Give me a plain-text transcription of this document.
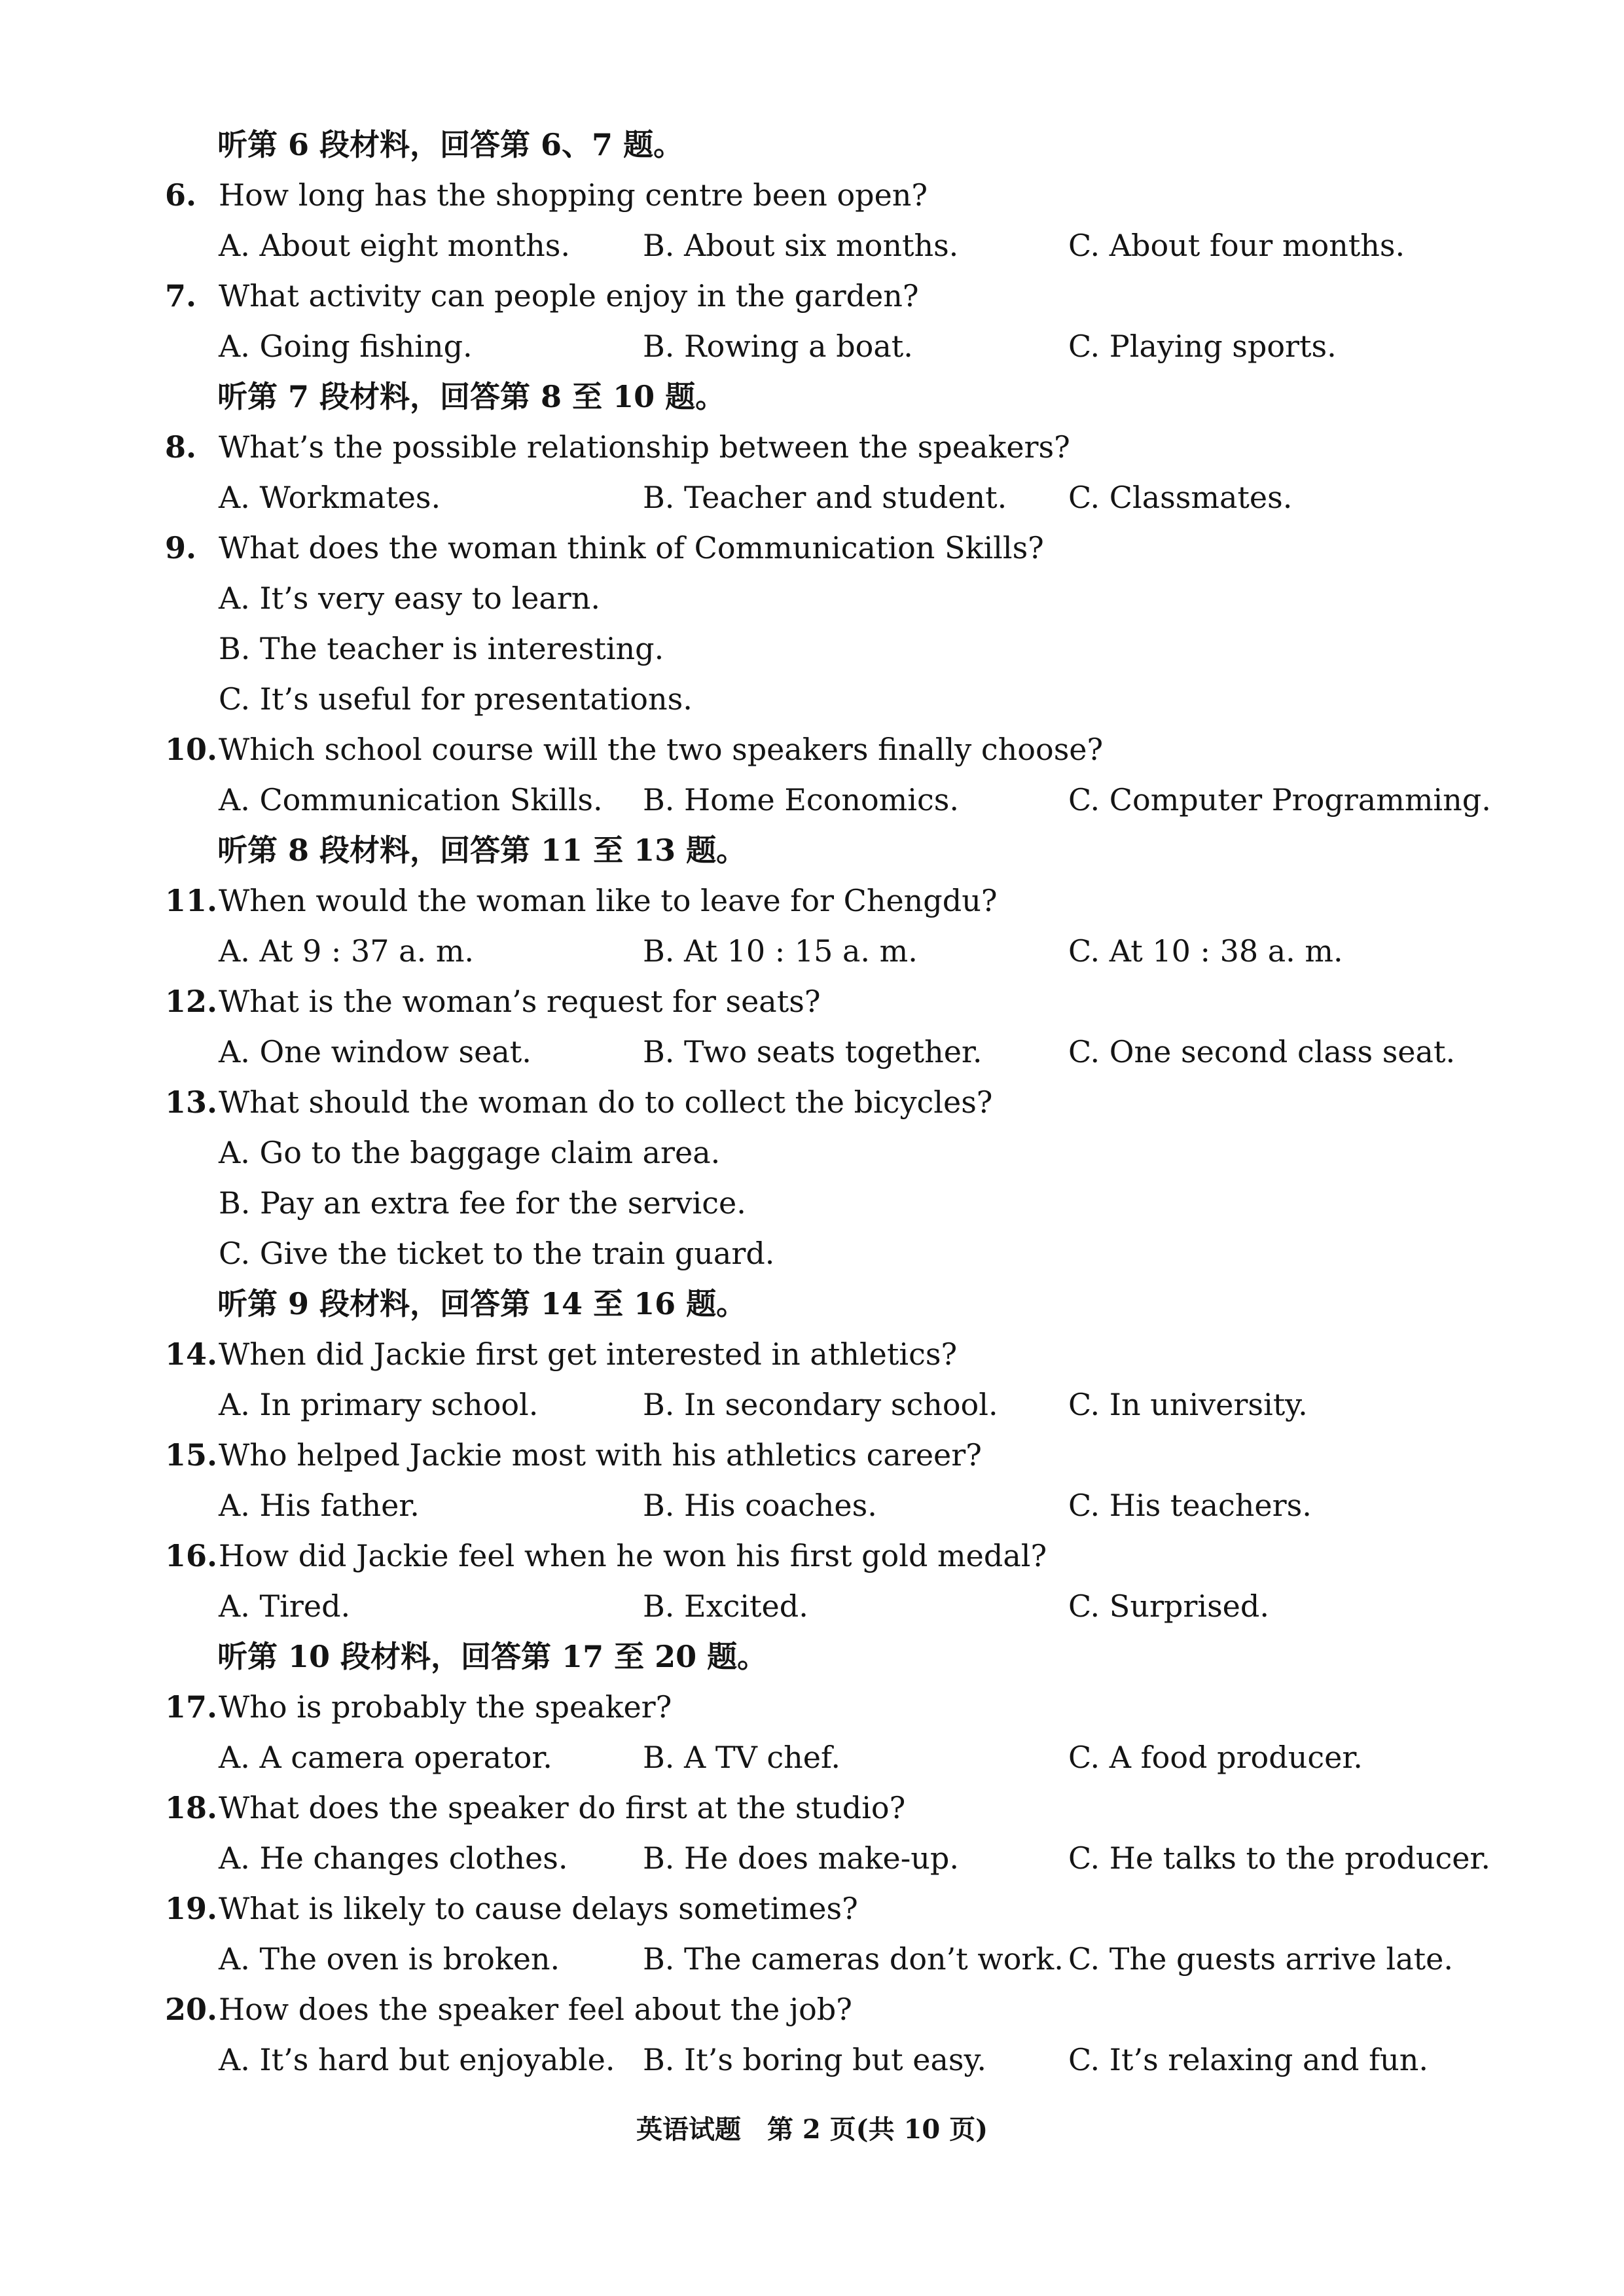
听第 6 段材料，回答第 6、7 题。
6. How long has the shopping centre been open?
A. About eight months. B. About six months.	C. About four months.
7. What activity can people enjoy in the garden?
A. Going fishing.	B. Rowing a boat.	C. Playing sports.
听第 7 段材料，回答第 8 至 10 题。
8. What’s the possible relationship between the speakers?
A. Workmates.	B. Teacher and student. C. Classmates.
9. What does the woman think of Communication Skills?
A. It’s very easy to learn.
B. The teacher is interesting.
C. It’s useful for presentations.
10. Which school course will the two speakers finally choose?
A. Communication Skills. B. Home Economics.	C. Computer Programming.
听第 8 段材料，回答第 11 至 13 题。
11. When would the woman like to leave for Chengdu?
A. At 9 : 37 a. m.	B. At 10 : 15 a. m.	C. At 10 : 38 a. m.
12. What is the woman’s request for seats?
A. One window seat.	B. Two seats together.	C. One second class seat.
13. What should the woman do to collect the bicycles?
A. Go to the baggage claim area.
B. Pay an extra fee for the service.
C. Give the ticket to the train guard.
听第 9 段材料，回答第 14 至 16 题。
14. When did Jackie first get interested in athletics?
A. In primary school.	B. In secondary school. C. In university.
15. Who helped Jackie most with his athletics career?
A. His father.	B. His coaches.	C. His teachers.
16. How did Jackie feel when he won his first gold medal?
A. Tired.	B. Excited.	C. Surprised.
听第 10 段材料，回答第 17 至 20 题。
17. Who is probably the speaker?
A. A camera operator.	B. A TV chef.	C. A food producer.
18. What does the speaker do first at the studio?
A. He changes clothes. B. He does make-up.	C. He talks to the producer.
19. What is likely to cause delays sometimes?
A. The oven is broken.	B. The cameras don’t work. C. The guests arrive late.
20. How does the speaker feel about the job?
A. It’s hard but enjoyable. B. It’s boring but easy.	C. It’s relaxing and fun.
英语试题　第 2 页(共 10 页)
